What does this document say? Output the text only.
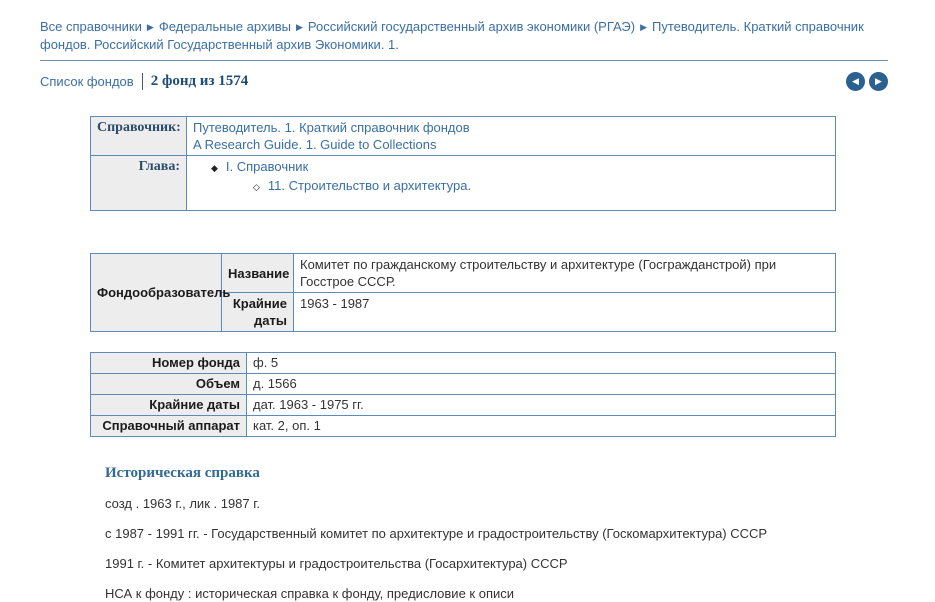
Все справочники ▶ Федеральные архивы ▶ Российский государственный архив экономики (РГАЭ) ▶ Путеводитель. Краткий справочник фондов. Российский Государственный архив Экономики. 1.
Список фондов 2 фонд из 1574	◀	▶
Справочник:	Путеводитель. 1. Краткий справочник фондов
A Research Guide. 1. Guide to Collections

Глава:	◆ I. Справочник
◇ 11. Строительство и архитектура.
Фондообразователь	Название	Комитет по гражданскому строительству и архитектуре (Госгражданстрой) при Госстрое СССР.
	Крайние даты	1963 - 1987
Номер фонда	ф. 5
Объем	д. 1566
Крайние даты	дат. 1963 - 1975 гг.
Справочный аппарат	кат. 2, оп. 1
Историческая справка

созд . 1963 г., лик . 1987 г.

с 1987 - 1991 гг. - Государственный комитет по архитектуре и градостроительству (Госкомархитектура) СССР

1991 г. - Комитет архитектуры и градостроительства (Госархитектура) СССР

НСА к фонду : историческая справка к фонду, предисловие к описи
